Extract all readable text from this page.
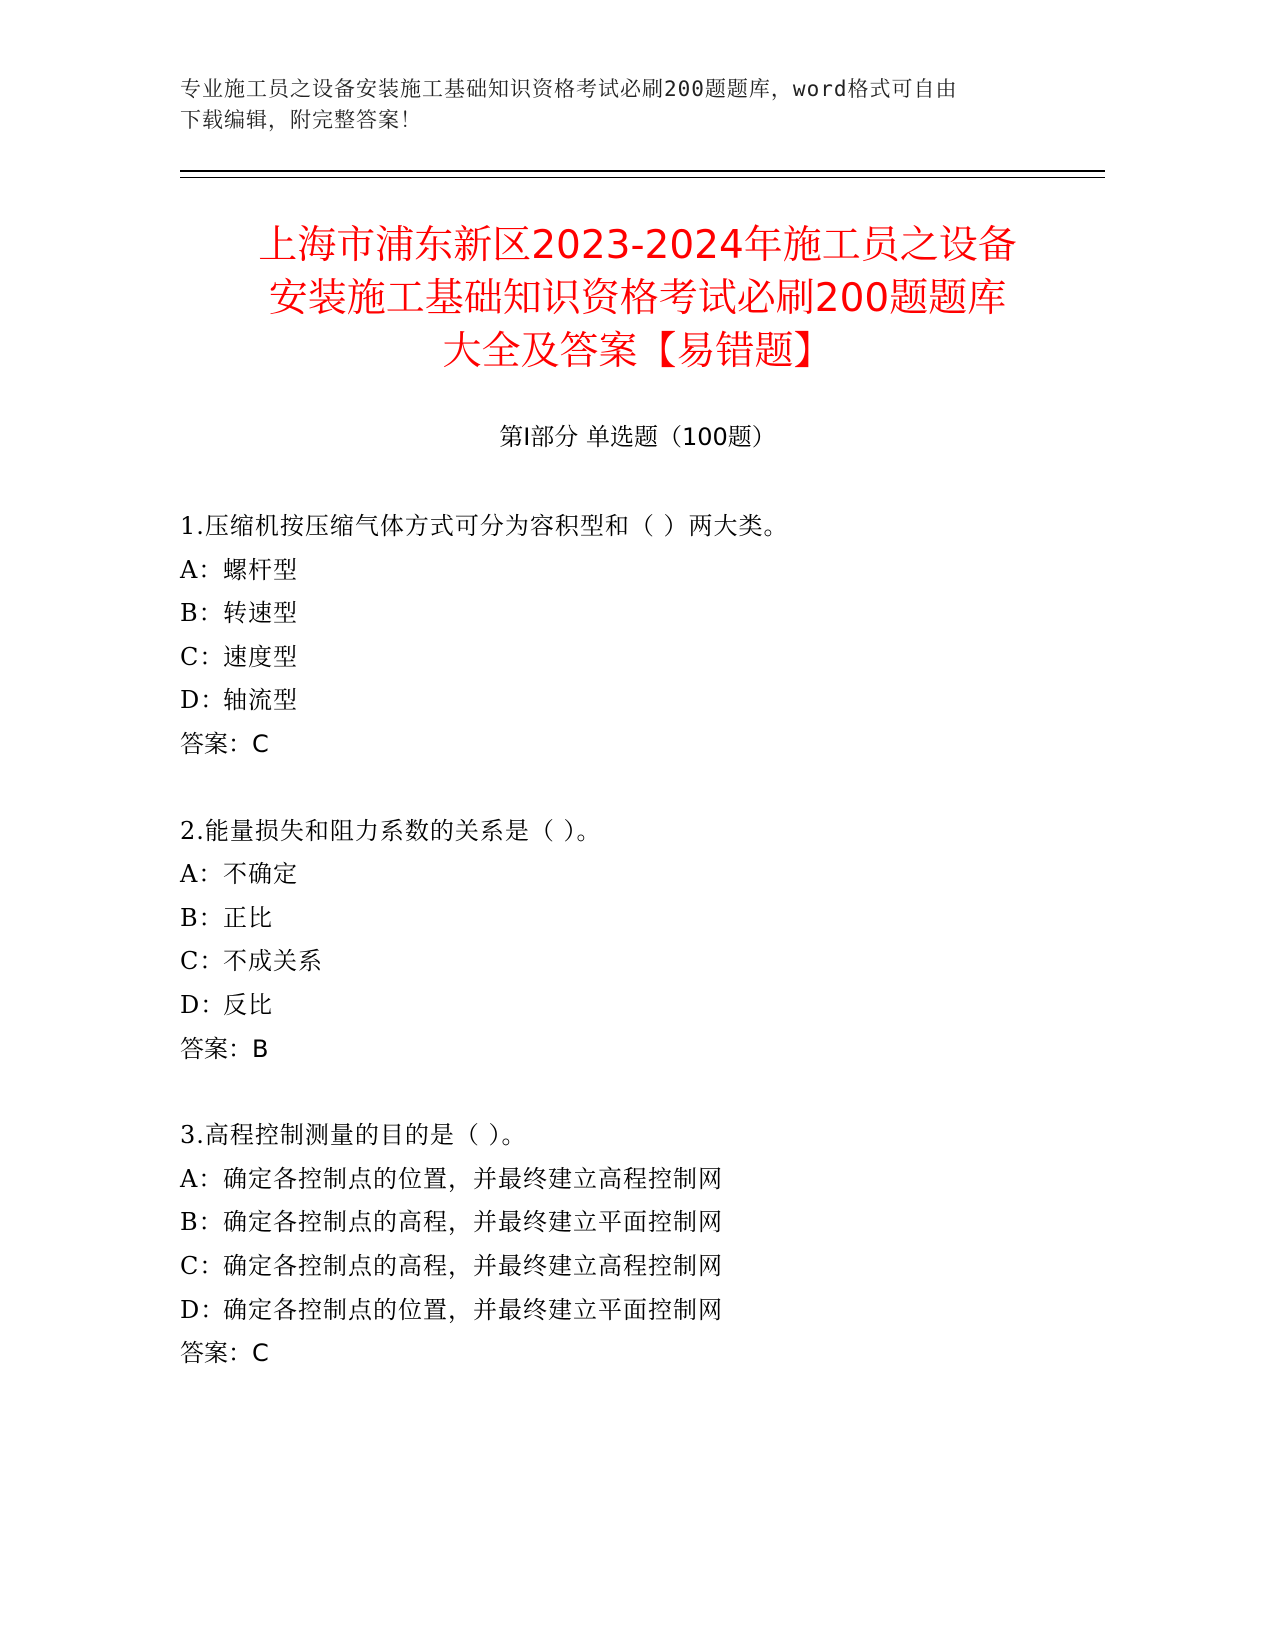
专业施工员之设备安装施工基础知识资格考试必刷200题题库，word格式可自由
下载编辑，附完整答案！
上海市浦东新区2023-2024年施工员之设备
安装施工基础知识资格考试必刷200题题库
大全及答案【易错题】
第I部分 单选题（100题）
1.压缩机按压缩气体方式可分为容积型和（ ）两大类。
A：螺杆型
B：转速型
C：速度型
D：轴流型
答案：C
2.能量损失和阻力系数的关系是（ ）。
A：不确定
B：正比
C：不成关系
D：反比
答案：B
3.高程控制测量的目的是（ ）。
A：确定各控制点的位置，并最终建立高程控制网
B：确定各控制点的高程，并最终建立平面控制网
C：确定各控制点的高程，并最终建立高程控制网
D：确定各控制点的位置，并最终建立平面控制网
答案：C
